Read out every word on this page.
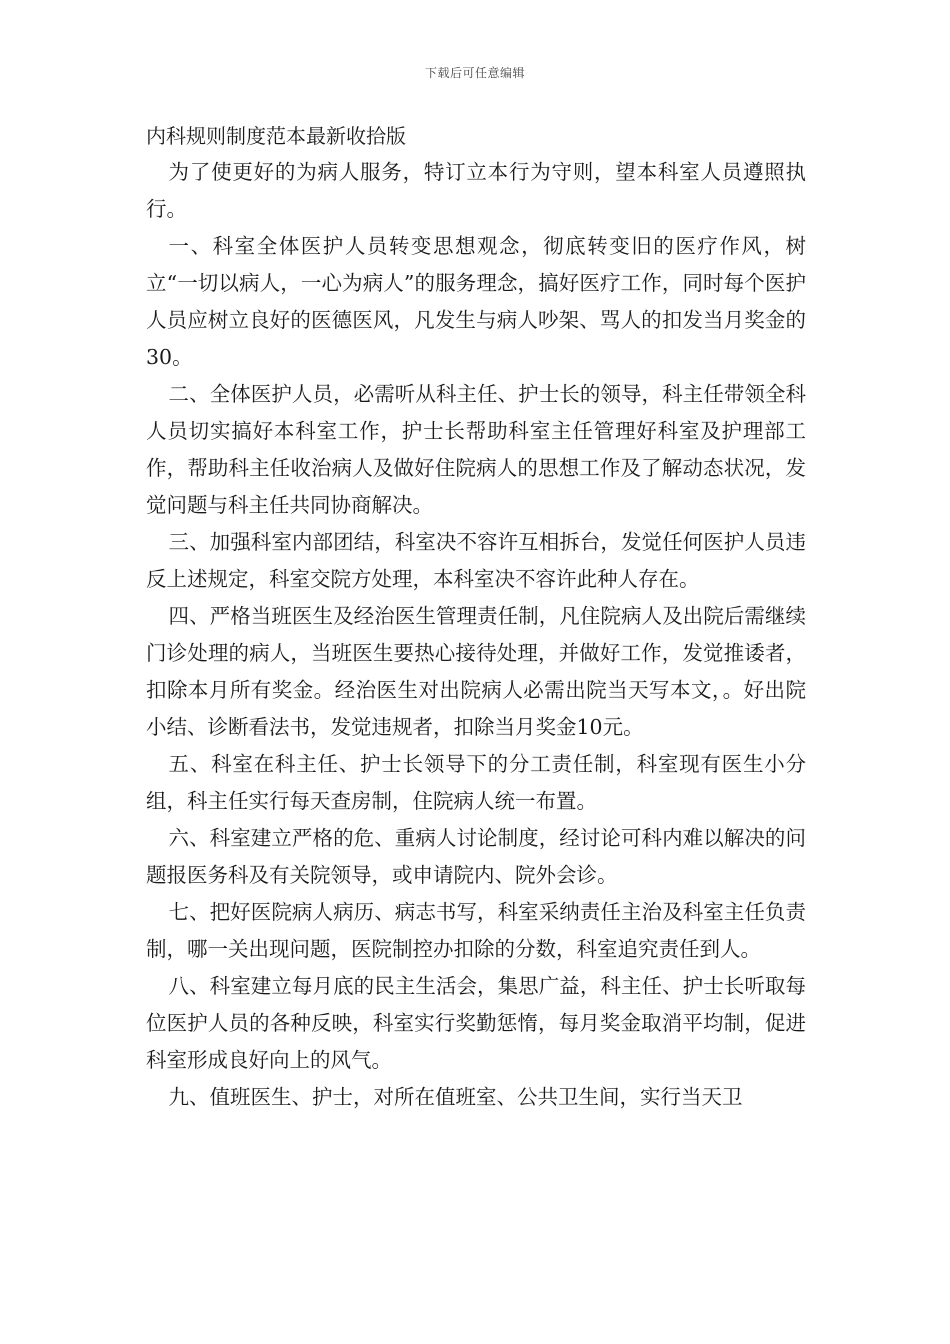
下载后可任意编辑
内科规则制度范本最新收拾版

为了使更好的为病人服务，特订立本行为守则，望本科室人员遵照执行。

一、科室全体医护人员转变思想观念，彻底转变旧的医疗作风，树立“一切以病人，一心为病人”的服务理念，搞好医疗工作，同时每个医护人员应树立良好的医德医风，凡发生与病人吵架、骂人的扣发当月奖金的30。

二、全体医护人员，必需听从科主任、护士长的领导，科主任带领全科人员切实搞好本科室工作，护士长帮助科室主任管理好科室及护理部工作，帮助科主任收治病人及做好住院病人的思想工作及了解动态状况，发觉问题与科主任共同协商解决。

三、加强科室内部团结，科室决不容许互相拆台，发觉任何医护人员违反上述规定，科室交院方处理，本科室决不容许此种人存在。

四、严格当班医生及经治医生管理责任制，凡住院病人及出院后需继续门诊处理的病人，当班医生要热心接待处理，并做好工作，发觉推诿者，扣除本月所有奖金。经治医生对出院病人必需出院当天写本文，。好出院小结、诊断看法书，发觉违规者，扣除当月奖金10元。

五、科室在科主任、护士长领导下的分工责任制，科室现有医生小分组，科主任实行每天查房制，住院病人统一布置。

六、科室建立严格的危、重病人讨论制度，经讨论可科内难以解决的问题报医务科及有关院领导，或申请院内、院外会诊。

七、把好医院病人病历、病志书写，科室采纳责任主治及科室主任负责制，哪一关出现问题，医院制控办扣除的分数，科室追究责任到人。

八、科室建立每月底的民主生活会，集思广益，科主任、护士长听取每位医护人员的各种反映，科室实行奖勤惩惰，每月奖金取消平均制，促进科室形成良好向上的风气。

九、值班医生、护士，对所在值班室、公共卫生间，实行当天卫
